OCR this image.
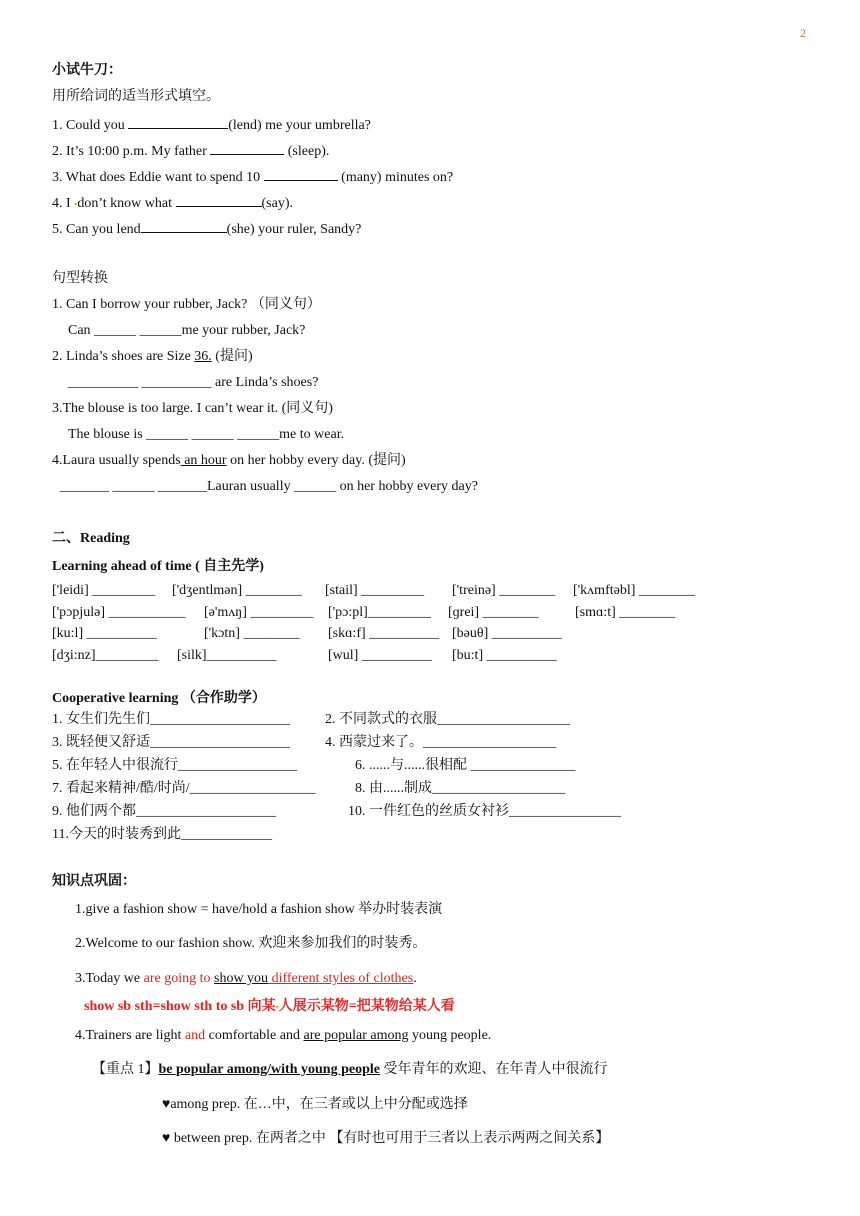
2
小试牛刀：
用所给词的适当形式填空。
1. Could you	(lend) me your umbrella?
2. It’s 10:00 p.m. My father	(sleep).
3. What does Eddie want to spend 10	(many) minutes on?
4. I ▪don’t know what	(say).
5. Can you lend	(she) your ruler, Sandy?
句型转换
1. Can I borrow your rubber, Jack? （同义句）
Can ______ ______me your rubber, Jack?
2. Linda’s shoes are Size 36. (提问)
__________ __________ are Linda’s shoes?
3.The blouse is too large. I can’t wear it. (同义句)
The blouse is ______ ______ ______me to wear.
4.Laura usually spends an hour on her hobby every day. (提问)
_______ ______ _______Lauran usually ______ on her hobby every day?
二、Reading
Learning ahead of time ( 自主先学)
['leidi] _________ ['dʒentlmən] ________ [stail] _________ ['treinə] ________ ['kʌmftəbl] ________
['pɔpjulə] ___________ [ə'mʌŋ] _________ ['pɔ:pl]_________ [ɡrei] ________	[smɑ:t] ________
[ku:l] __________	['kɔtn] ________ [skɑ:f] __________ [bəuθ] __________
[dʒi:nz]_________ [silk]__________	[wul] __________ [bu:t] __________
Cooperative learning （合作助学）
1. 女生们先生们____________________	2. 不同款式的衣服___________________
3. 既轻便又舒适____________________	4. 西蒙过来了。___________________
5. 在年轻人中很流行_________________	6. ......与......很相配 _______________
7. 看起来精神/酷/时尚/__________________	8. 由......制成___________________
9. 他们两个都____________________	10. 一件红色的丝质女衬衫________________
11.今天的时装秀到此_____________
知识点巩固：
1.give a fashion show = have/hold a fashion show 举办时装表演
2.Welcome to our fashion show. 欢迎来参加我们的时装秀。
3.Today we are going to show you different styles of clothes.
show sb sth=show sth to sb 向某▪人展示某物=把某物给某人看
4.Trainers are light and comfortable and are popular among young people.
【重点 1】be popular among/with young people 受年青年的欢迎、在年青人中很流行
♥among prep. 在…中，在三者或以上中分配或选择
♥ between prep. 在两者之中 【有时也可用于三者以上表示两两之间关系】
